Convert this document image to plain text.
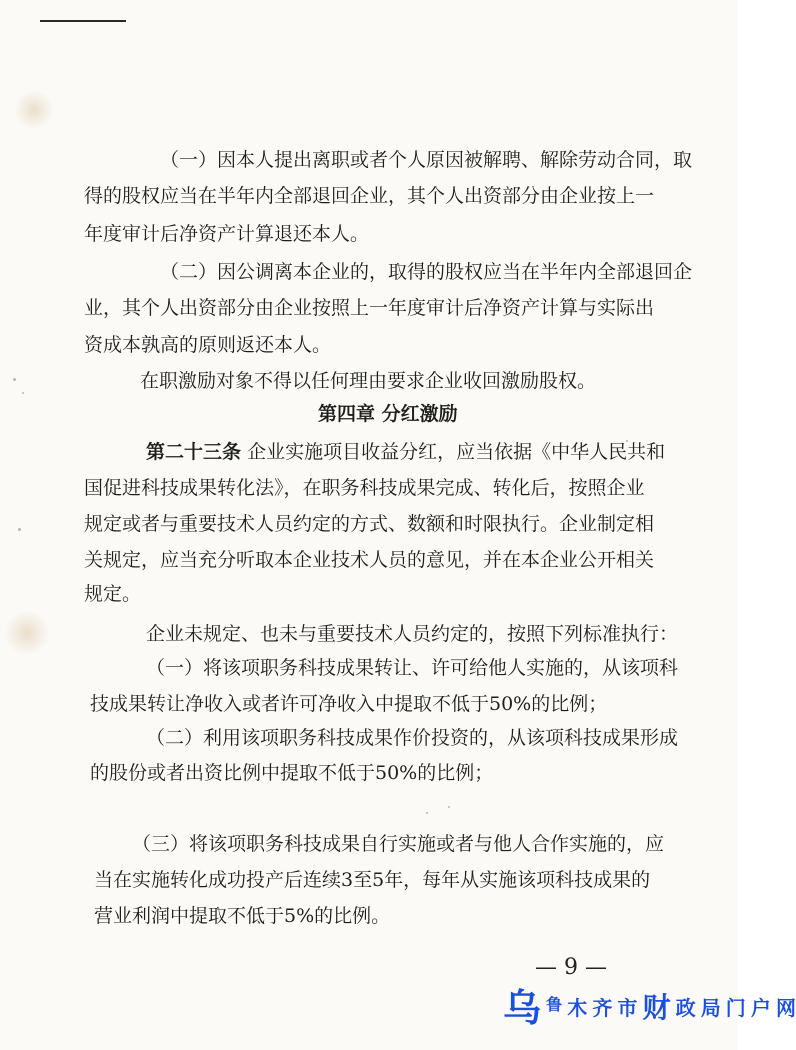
（一）因本人提出离职或者个人原因被解聘、解除劳动合同，取
得的股权应当在半年内全部退回企业，其个人出资部分由企业按上一
年度审计后净资产计算退还本人。
（二）因公调离本企业的，取得的股权应当在半年内全部退回企
业，其个人出资部分由企业按照上一年度审计后净资产计算与实际出
资成本孰高的原则返还本人。
在职激励对象不得以任何理由要求企业收回激励股权。
第四章 分红激励
第二十三条 企业实施项目收益分红，应当依据《中华人民共和
国促进科技成果转化法》，在职务科技成果完成、转化后，按照企业
规定或者与重要技术人员约定的方式、数额和时限执行。企业制定相
关规定，应当充分听取本企业技术人员的意见，并在本企业公开相关
规定。
企业未规定、也未与重要技术人员约定的，按照下列标准执行：
（一）将该项职务科技成果转让、许可给他人实施的，从该项科
技成果转让净收入或者许可净收入中提取不低于50%的比例；
（二）利用该项职务科技成果作价投资的，从该项科技成果形成
的股份或者出资比例中提取不低于50%的比例；
（三）将该项职务科技成果自行实施或者与他人合作实施的，应
当在实施转化成功投产后连续3至5年，每年从实施该项科技成果的
营业利润中提取不低于5%的比例。
— 9 —
乌 鲁 木 齐 市 财 政 局 门 户 网
